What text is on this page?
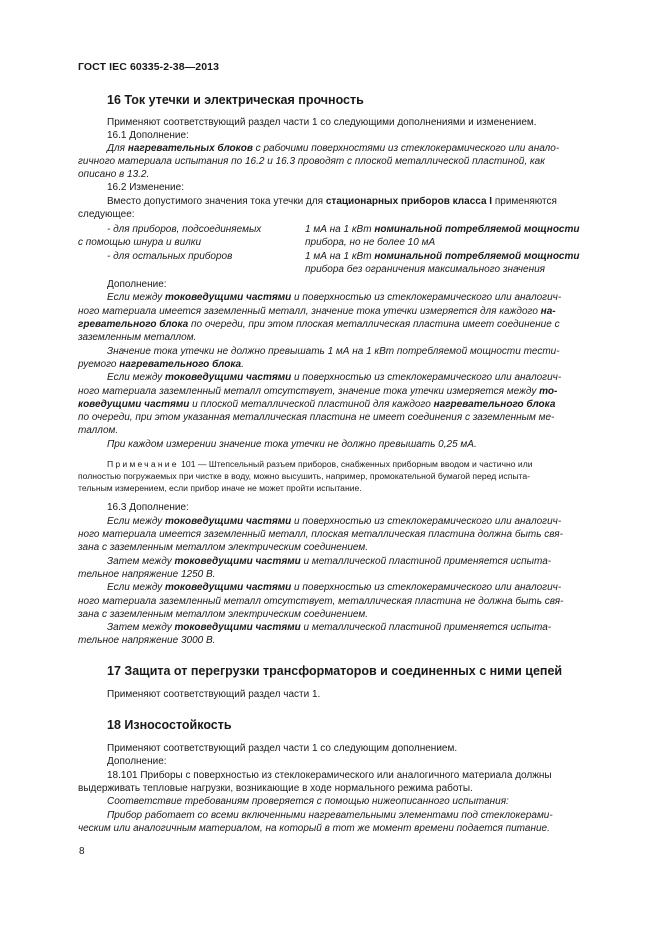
ГОСТ IEC 60335-2-38—2013
16 Ток утечки и электрическая прочность
Применяют соответствующий раздел части 1 со следующими дополнениями и изменением.
16.1 Дополнение:
Для нагревательных блоков с рабочими поверхностями из стеклокерамического или анало-
гичного материала испытания по 16.2 и 16.3 проводят с плоской металлической пластиной, как
описано в 13.2.
16.2 Изменение:
Вместо допустимого значения тока утечки для стационарных приборов класса I применяются
следующее:
- для приборов, подсоединяемых
с помощью шнура и вилки
1 мА на 1 кВт номинальной потребляемой мощности
прибора, но не более 10 мА
- для остальных приборов	1 мА на 1 кВт номинальной потребляемой мощности
прибора без ограничения максимального значения
Дополнение:
Если между токоведущими частями и поверхностью из стеклокерамического или аналогич-
ного материала имеется заземленный металл, значение тока утечки измеряется для каждого на-
гревательного блока по очереди, при этом плоская металлическая пластина имеет соединение с
заземленным металлом.
Значение тока утечки не должно превышать 1 мА на 1 кВт потребляемой мощности тести-
руемого нагревательного блока.
Если между токоведущими частями и поверхностью из стеклокерамического или аналогич-
ного материала заземленный металл отсутствует, значение тока утечки измеряется между то-
коведущими частями и плоской металлической пластиной для каждого нагревательного блока
по очереди, при этом указанная металлическая пластина не имеет соединения с заземленным ме-
таллом.
При каждом измерении значение тока утечки не должно превышать 0,25 мА.
Примечание 101 — Штепсельный разъем приборов, снабженных приборным вводом и частично или
полностью погружаемых при чистке в воду, можно высушить, например, промокательной бумагой перед испыта-
тельным измерением, если прибор иначе не может пройти испытание.
16.3 Дополнение:
Если между токоведущими частями и поверхностью из стеклокерамического или аналогич-
ного материала имеется заземленный металл, плоская металлическая пластина должна быть свя-
зана с заземленным металлом электрическим соединением.
Затем между токоведущими частями и металлической пластиной применяется испыта-
тельное напряжение 1250 В.
Если между токоведущими частями и поверхностью из стеклокерамического или аналогич-
ного материала заземленный металл отсутствует, металлическая пластина не должна быть свя-
зана с заземленным металлом электрическим соединением.
Затем между токоведущими частями и металлической пластиной применяется испыта-
тельное напряжение 3000 В.
17 Защита от перегрузки трансформаторов и соединенных с ними цепей
Применяют соответствующий раздел части 1.
18 Износостойкость
Применяют соответствующий раздел части 1 со следующим дополнением.
Дополнение:
18.101 Приборы с поверхностью из стеклокерамического или аналогичного материала должны
выдерживать тепловые нагрузки, возникающие в ходе нормального режима работы.
Соответствие требованиям проверяется с помощью нижеописанного испытания:
Прибор работает со всеми включенными нагревательными элементами под стеклокерами-
ческим или аналогичным материалом, на который в тот же момент времени подается питание.
8
